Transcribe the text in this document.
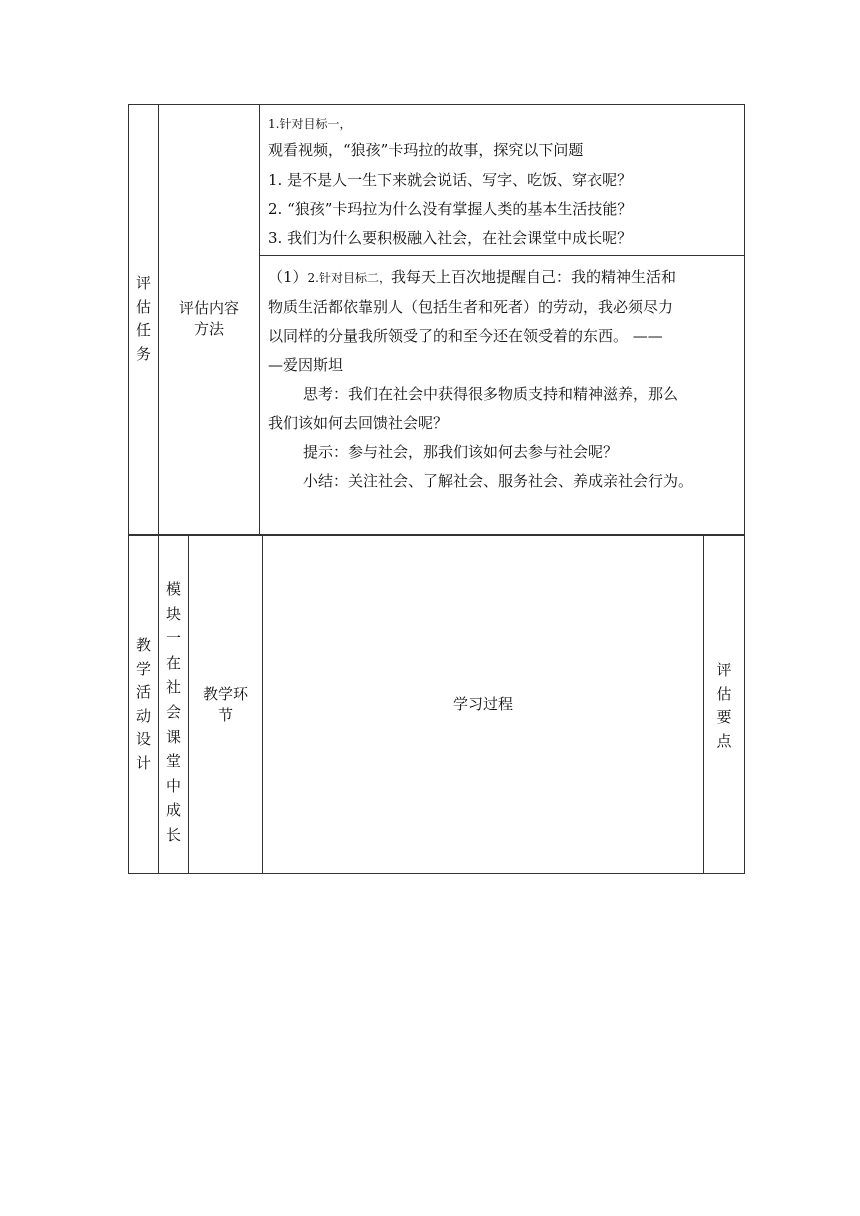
评
估
任
务
评估内容
方法
1.针对目标一，
观看视频，“狼孩”卡玛拉的故事，探究以下问题
1. 是不是人一生下来就会说话、写字、吃饭、穿衣呢？
2. “狼孩”卡玛拉为什么没有掌握人类的基本生活技能？
3. 我们为什么要积极融入社会，在社会课堂中成长呢？
（1）2.针对目标二，我每天上百次地提醒自己：我的精神生活和
物质生活都依靠别人（包括生者和死者）的劳动，我必须尽力
以同样的分量我所领受了的和至今还在领受着的东西。 ——
—爱因斯坦
思考：我们在社会中获得很多物质支持和精神滋养，那么
我们该如何去回馈社会呢？
提示：参与社会，那我们该如何去参与社会呢？
小结：关注社会、了解社会、服务社会、养成亲社会行为。
教
学
活
动
设
计
模
块
一
在
社
会
课
堂
中
成
长
教学环
节
学习过程
评
估
要
点
